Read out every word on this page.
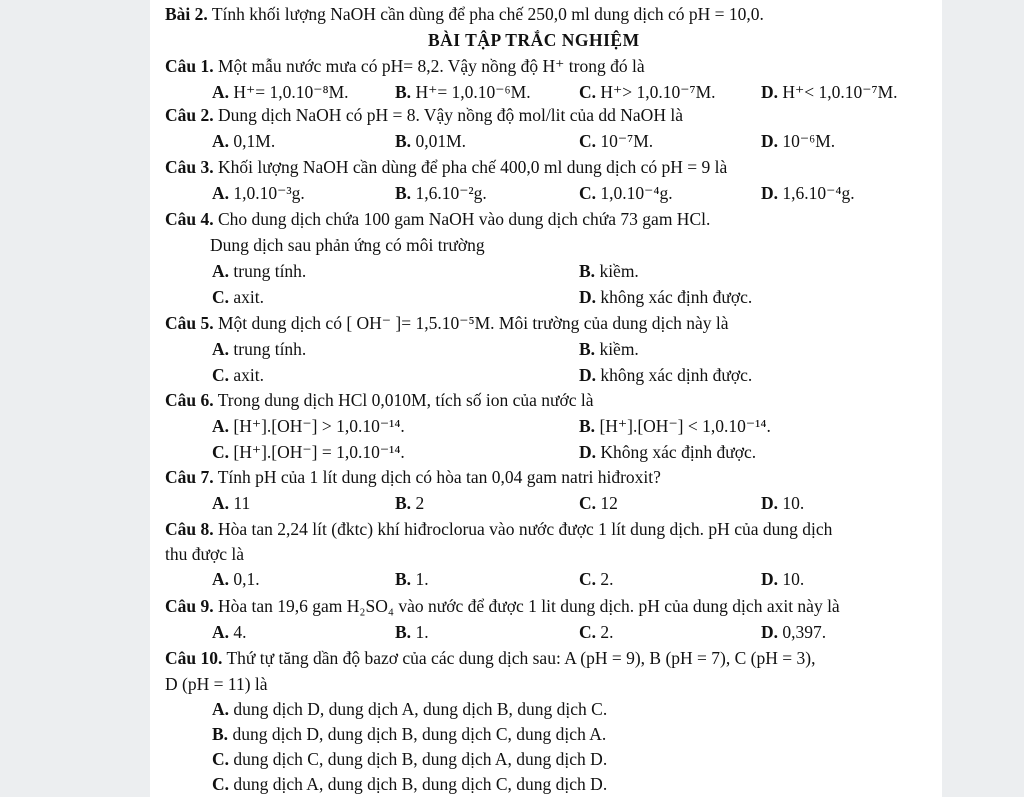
Bài 2. Tính khối lượng NaOH cần dùng để pha chế 250,0 ml dung dịch có pH = 10,0.
BÀI TẬP TRẮC NGHIỆM
Câu 1. Một mẫu nước mưa có pH= 8,2. Vậy nồng độ H⁺ trong đó là
A. H⁺= 1,0.10⁻⁸M.	B. H⁺= 1,0.10⁻⁶M.	C. H⁺> 1,0.10⁻⁷M.	D. H⁺< 1,0.10⁻⁷M.
Câu 2. Dung dịch NaOH có pH = 8. Vậy nồng độ mol/lit của dd NaOH là
A. 0,1M.	B. 0,01M.	C. 10⁻⁷M.	D. 10⁻⁶M.
Câu 3. Khối lượng NaOH cần dùng để pha chế 400,0 ml dung dịch có pH = 9 là
A. 1,0.10⁻³g.	B. 1,6.10⁻²g.	C. 1,0.10⁻⁴g.	D. 1,6.10⁻⁴g.
Câu 4. Cho dung dịch chứa 100 gam NaOH vào dung dịch chứa 73 gam HCl.
Dung dịch sau phản ứng có môi trường
A. trung tính.	B. kiềm.
C. axit.	D. không xác định được.
Câu 5. Một dung dịch có [ OH⁻ ]= 1,5.10⁻⁵M. Môi trường của dung dịch này là
A. trung tính.	B. kiềm.
C. axit.	D. không xác dịnh được.
Câu 6. Trong dung dịch HCl 0,010M, tích số ion của nước là
A. [H⁺].[OH⁻] > 1,0.10⁻¹⁴.	B. [H⁺].[OH⁻] < 1,0.10⁻¹⁴.
C. [H⁺].[OH⁻] = 1,0.10⁻¹⁴.	D. Không xác định được.
Câu 7. Tính pH của 1 lít dung dịch có hòa tan 0,04 gam natri hiđroxit?
A. 11	B. 2	C. 12	D. 10.
Câu 8. Hòa tan 2,24 lít (đktc) khí hiđroclorua vào nước được 1 lít dung dịch. pH của dung dịch
thu được là
A. 0,1.	B. 1.	C. 2.	D. 10.
Câu 9. Hòa tan 19,6 gam H₂SO₄ vào nước để được 1 lit dung dịch. pH của dung dịch axit này là
A. 4.	B. 1.	C. 2.	D. 0,397.
Câu 10. Thứ tự tăng dần độ bazơ của các dung dịch sau: A (pH = 9), B (pH = 7), C (pH = 3),
D (pH = 11) là
A. dung dịch D, dung dịch A, dung dịch B, dung dịch C.
B. dung dịch D, dung dịch B, dung dịch C, dung dịch A.
C. dung dịch C, dung dịch B, dung dịch A, dung dịch D.
C. dung dịch A, dung dịch B, dung dịch C, dung dịch D.
